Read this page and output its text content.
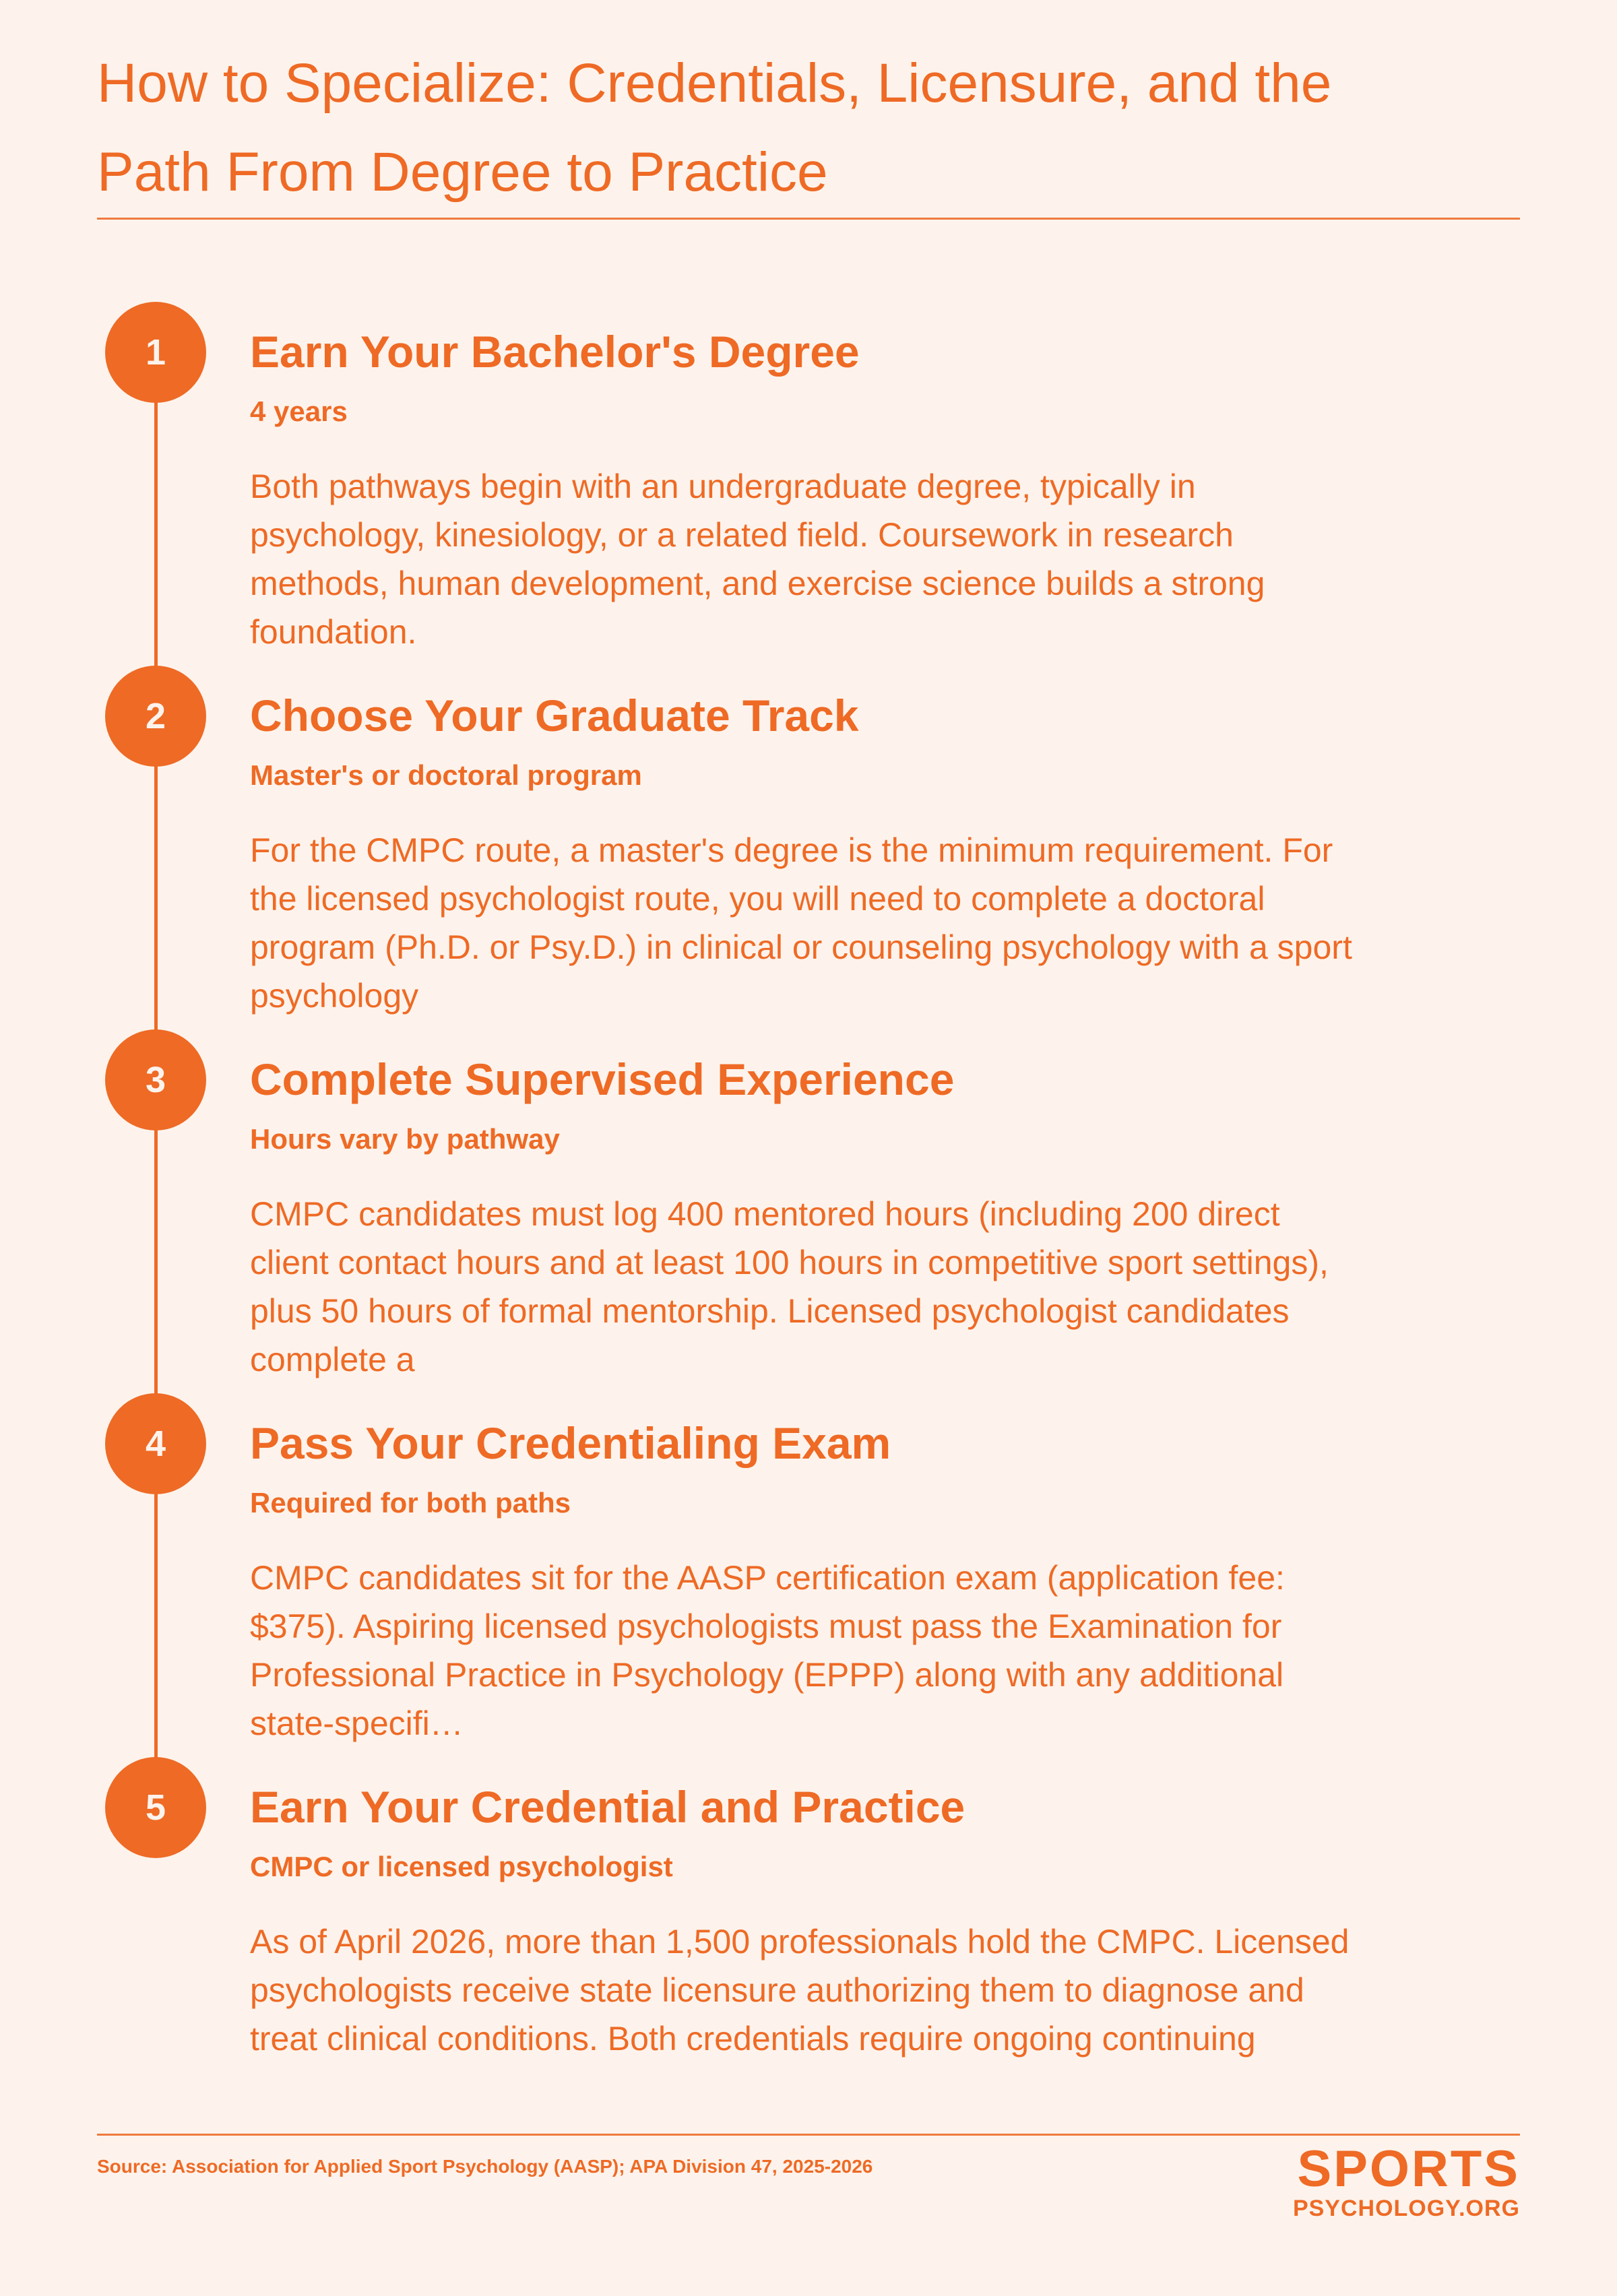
How to Specialize: Credentials, Licensure, and the Path From Degree to Practice
1	Earn Your Bachelor's Degree
4 years
Both pathways begin with an undergraduate degree, typically in psychology, kinesiology, or a related field. Coursework in research methods, human development, and exercise science builds a strong foundation.
2	Choose Your Graduate Track
Master's or doctoral program
For the CMPC route, a master's degree is the minimum requirement. For the licensed psychologist route, you will need to complete a doctoral program (Ph.D. or Psy.D.) in clinical or counseling psychology with a sport psychology
3	Complete Supervised Experience
Hours vary by pathway
CMPC candidates must log 400 mentored hours (including 200 direct client contact hours and at least 100 hours in competitive sport settings), plus 50 hours of formal mentorship. Licensed psychologist candidates complete a
4	Pass Your Credentialing Exam
Required for both paths
CMPC candidates sit for the AASP certification exam (application fee: $375). Aspiring licensed psychologists must pass the Examination for Professional Practice in Psychology (EPPP) along with any additional state-specifi…
5	Earn Your Credential and Practice
CMPC or licensed psychologist
As of April 2026, more than 1,500 professionals hold the CMPC. Licensed psychologists receive state licensure authorizing them to diagnose and treat clinical conditions. Both credentials require ongoing continuing
Source: Association for Applied Sport Psychology (AASP); APA Division 47, 2025-2026	SPORTS
PSYCHOLOGY.ORG
